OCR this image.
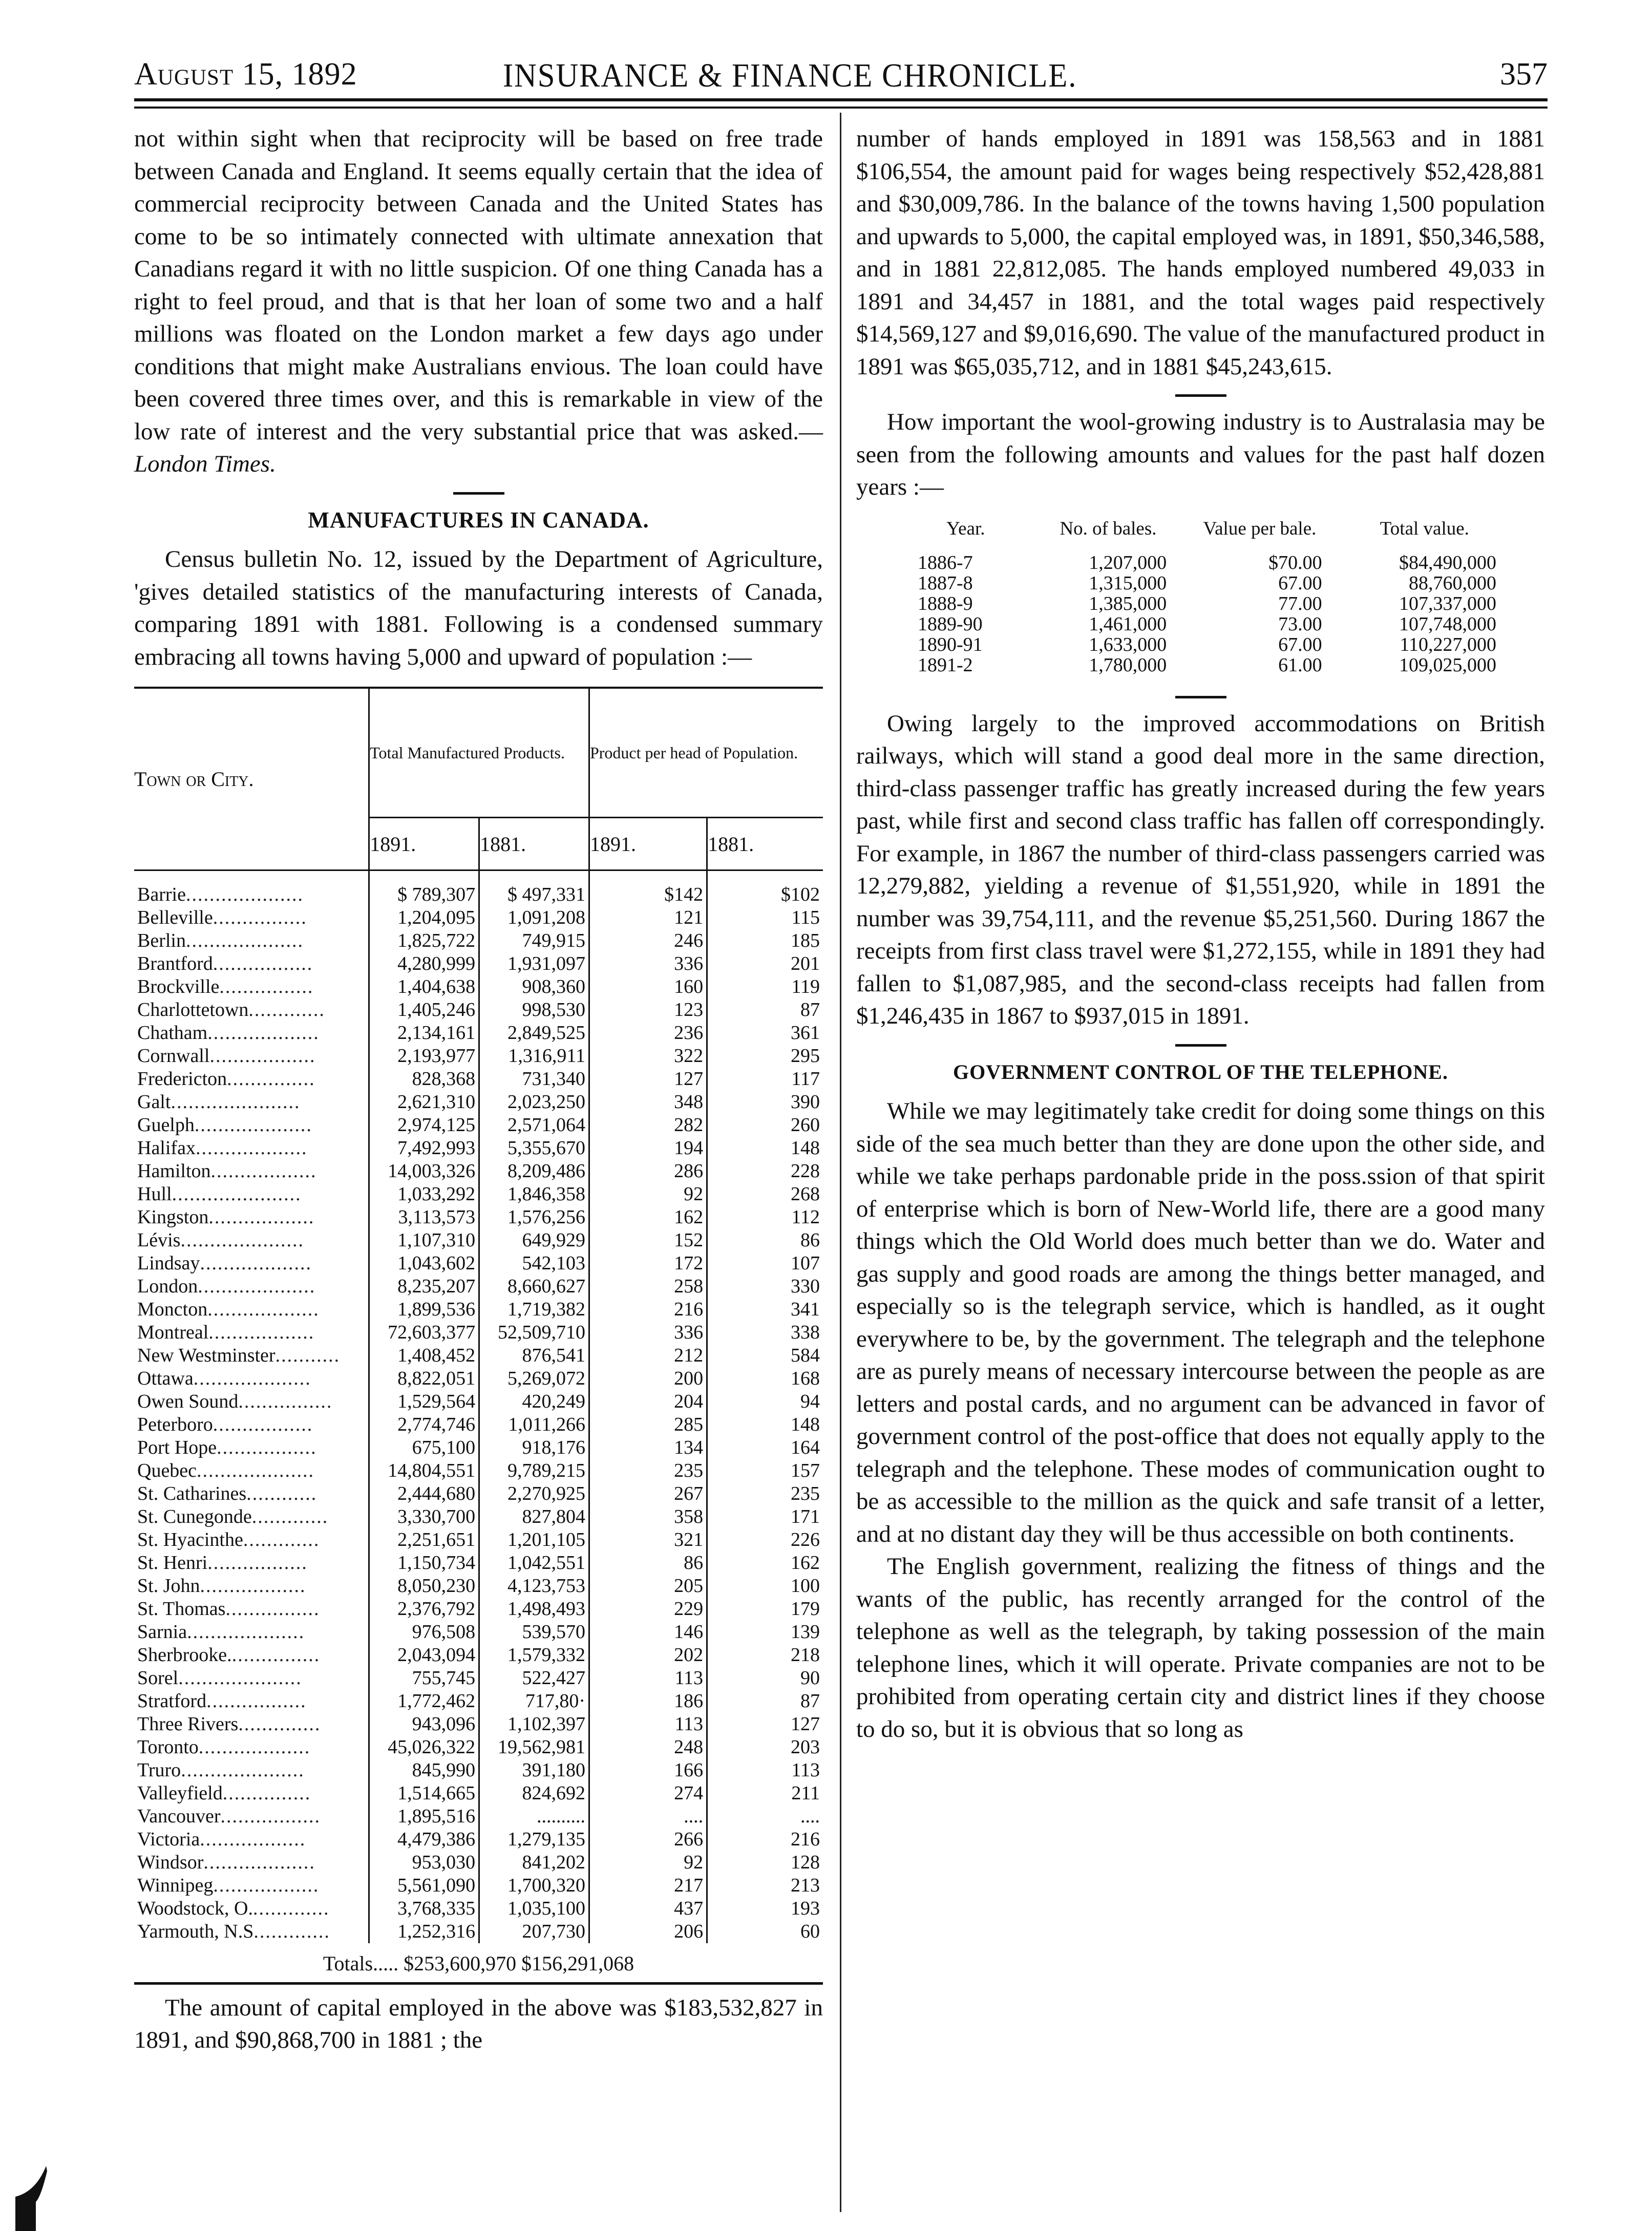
August 15, 1892	INSURANCE & FINANCE CHRONICLE.	357

not within sight when that reciprocity will be based on free trade between Canada and England. It seems equally certain that the idea of commercial reciprocity between Canada and the United States has come to be so intimately connected with ultimate annexation that Canadians regard it with no little suspicion. Of one thing Canada has a right to feel proud, and that is that her loan of some two and a half millions was floated on the London market a few days ago under conditions that might make Australians envious. The loan could have been covered three times over, and this is remarkable in view of the low rate of interest and the very substantial price that was asked.—London Times.

MANUFACTURES IN CANADA.

Census bulletin No. 12, issued by the Department of Agriculture, 'gives detailed statistics of the manufacturing interests of Canada, comparing 1891 with 1881. Following is a condensed summary embracing all towns having 5,000 and upward of population :—

Town or City.	Total Manufactured Products.		Product per head of Population.	
	1891.	1881.	1891.	1881.

Barrie....................	$ 789,307	$ 497,331	$142	$102
Belleville................	1,204,095	1,091,208	121	115
Berlin....................	1,825,722	749,915	246	185
Brantford.................	4,280,999	1,931,097	336	201
Brockville................	1,404,638	908,360	160	119
Charlottetown.............	1,405,246	998,530	123	87
Chatham...................	2,134,161	2,849,525	236	361
Cornwall..................	2,193,977	1,316,911	322	295
Fredericton...............	828,368	731,340	127	117
Galt......................	2,621,310	2,023,250	348	390
Guelph....................	2,974,125	2,571,064	282	260
Halifax...................	7,492,993	5,355,670	194	148
Hamilton..................	14,003,326	8,209,486	286	228
Hull......................	1,033,292	1,846,358	92	268
Kingston..................	3,113,573	1,576,256	162	112
Lévis.....................	1,107,310	649,929	152	86
Lindsay...................	1,043,602	542,103	172	107
London....................	8,235,207	8,660,627	258	330
Moncton...................	1,899,536	1,719,382	216	341
Montreal..................	72,603,377	52,509,710	336	338
New Westminster...........	1,408,452	876,541	212	584
Ottawa....................	8,822,051	5,269,072	200	168
Owen Sound................	1,529,564	420,249	204	94
Peterboro.................	2,774,746	1,011,266	285	148
Port Hope.................	675,100	918,176	134	164
Quebec....................	14,804,551	9,789,215	235	157
St. Catharines............	2,444,680	2,270,925	267	235
St. Cunegonde.............	3,330,700	827,804	358	171
St. Hyacinthe.............	2,251,651	1,201,105	321	226
St. Henri.................	1,150,734	1,042,551	86	162
St. John..................	8,050,230	4,123,753	205	100
St. Thomas................	2,376,792	1,498,493	229	179
Sarnia....................	976,508	539,570	146	139
Sherbrooke................	2,043,094	1,579,332	202	218
Sorel.....................	755,745	522,427	113	90
Stratford.................	1,772,462	717,80·	186	87
Three Rivers..............	943,096	1,102,397	113	127
Toronto...................	45,026,322	19,562,981	248	203
Truro.....................	845,990	391,180	166	113
Valleyfield...............	1,514,665	824,692	274	211
Vancouver.................	1,895,516	..........	....	....
Victoria..................	4,479,386	1,279,135	266	216
Windsor...................	953,030	841,202	92	128
Winnipeg..................	5,561,090	1,700,320	217	213
Woodstock, O..............	3,768,335	1,035,100	437	193
Yarmouth, N.S.............	1,252,316	207,730	206	60
Totals..... $253,600,970 $156,291,068

The amount of capital employed in the above was $183,532,827 in 1891, and $90,868,700 in 1881 ; the

number of hands employed in 1891 was 158,563 and in 1881 $106,554, the amount paid for wages being respectively $52,428,881 and $30,009,786. In the balance of the towns having 1,500 population and upwards to 5,000, the capital employed was, in 1891, $50,346,588, and in 1881 22,812,085. The hands employed numbered 49,033 in 1891 and 34,457 in 1881, and the total wages paid respectively $14,569,127 and $9,016,690. The value of the manufactured product in 1891 was $65,035,712, and in 1881 $45,243,615.

How important the wool-growing industry is to Australasia may be seen from the following amounts and values for the past half dozen years :—

Year.	No. of bales.	Value per bale.	Total value.
1886-7	1,207,000	$70.00	$84,490,000
1887-8	1,315,000	67.00	88,760,000
1888-9	1,385,000	77.00	107,337,000
1889-90	1,461,000	73.00	107,748,000
1890-91	1,633,000	67.00	110,227,000
1891-2	1,780,000	61.00	109,025,000

Owing largely to the improved accommodations on British railways, which will stand a good deal more in the same direction, third-class passenger traffic has greatly increased during the few years past, while first and second class traffic has fallen off correspondingly. For example, in 1867 the number of third-class passengers carried was 12,279,882, yielding a revenue of $1,551,920, while in 1891 the number was 39,754,111, and the revenue $5,251,560. During 1867 the receipts from first class travel were $1,272,155, while in 1891 they had fallen to $1,087,985, and the second-class receipts had fallen from $1,246,435 in 1867 to $937,015 in 1891.

GOVERNMENT CONTROL OF THE TELEPHONE.

While we may legitimately take credit for doing some things on this side of the sea much better than they are done upon the other side, and while we take perhaps pardonable pride in the poss.ssion of that spirit of enterprise which is born of New-World life, there are a good many things which the Old World does much better than we do. Water and gas supply and good roads are among the things better managed, and especially so is the telegraph service, which is handled, as it ought everywhere to be, by the government. The telegraph and the telephone are as purely means of necessary intercourse between the people as are letters and postal cards, and no argument can be advanced in favor of government control of the post-office that does not equally apply to the telegraph and the telephone. These modes of communication ought to be as accessible to the million as the quick and safe transit of a letter, and at no distant day they will be thus accessible on both continents.

The English government, realizing the fitness of things and the wants of the public, has recently arranged for the control of the telephone as well as the telegraph, by taking possession of the main telephone lines, which it will operate. Private companies are not to be prohibited from operating certain city and district lines if they choose to do so, but it is obvious that so long as
